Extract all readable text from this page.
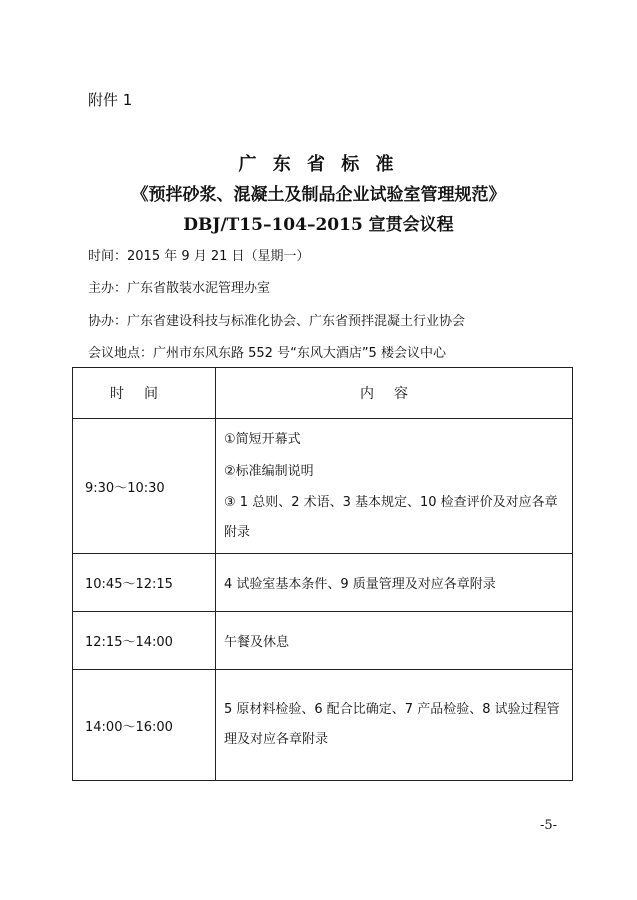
附件 1
广 东 省 标 准
《预拌砂浆、混凝土及制品企业试验室管理规范》
DBJ/T15–104–2015 宣贯会议程
时间：2015 年 9 月 21 日（星期一）
主办：广东省散装水泥管理办室
协办：广东省建设科技与标准化协会、广东省预拌混凝土行业协会
会议地点：广州市东风东路 552 号“东风大酒店”5 楼会议中心
时间	内容
9:30～10:30	①简短开幕式
②标准编制说明
③ 1 总则、2 术语、3 基本规定、10 检查评价及对应各章附录

10:45～12:15	4 试验室基本条件、9 质量管理及对应各章附录

12:15～14:00	午餐及休息

14:00～16:00	5 原材料检验、6 配合比确定、7 产品检验、8 试验过程管理及对应各章附录
-5-
